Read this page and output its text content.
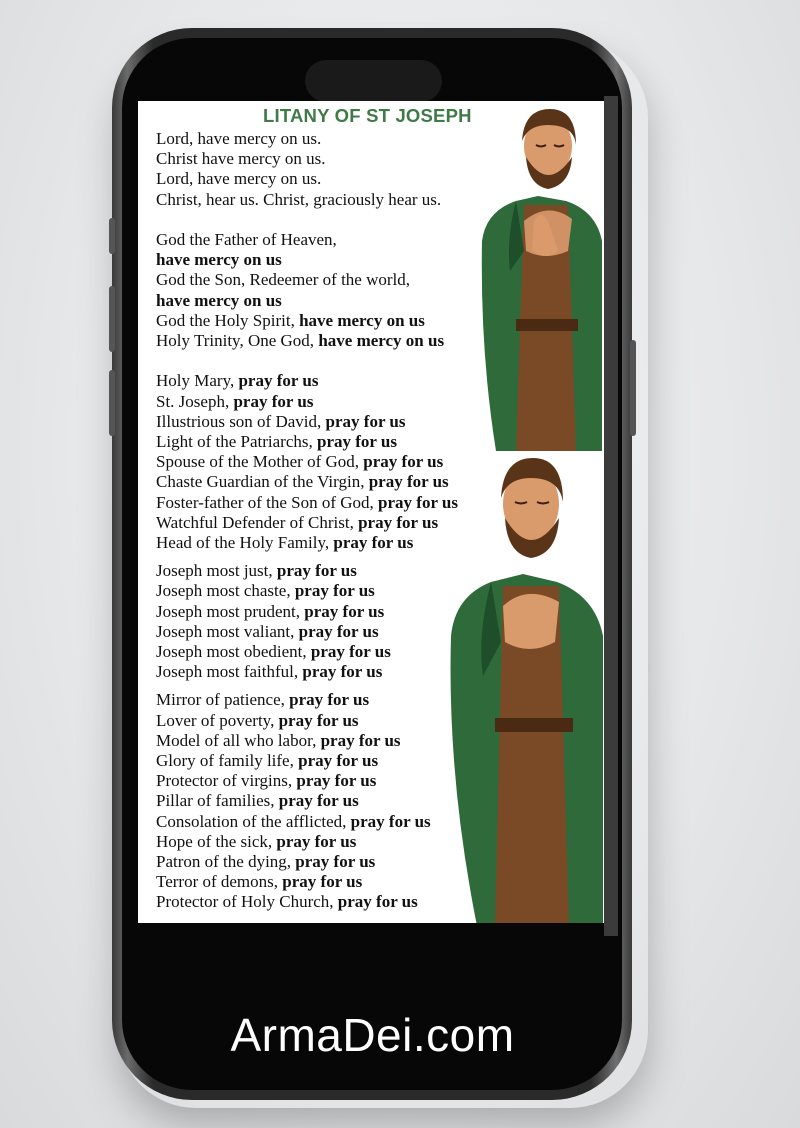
LITANY OF ST JOSEPH
Lord, have mercy on us.
Christ have mercy on us.
Lord, have mercy on us.
Christ, hear us. Christ, graciously hear us.
God the Father of Heaven,
have mercy on us
God the Son, Redeemer of the world,
have mercy on us
God the Holy Spirit, have mercy on us
Holy Trinity, One God, have mercy on us
Holy Mary, pray for us
St. Joseph, pray for us
Illustrious son of David, pray for us
Light of the Patriarchs, pray for us
Spouse of the Mother of God, pray for us
Chaste Guardian of the Virgin, pray for us
Foster-father of the Son of God, pray for us
Watchful Defender of Christ, pray for us
Head of the Holy Family, pray for us
Joseph most just, pray for us
Joseph most chaste, pray for us
Joseph most prudent, pray for us
Joseph most valiant, pray for us
Joseph most obedient, pray for us
Joseph most faithful, pray for us
Mirror of patience, pray for us
Lover of poverty, pray for us
Model of all who labor, pray for us
Glory of family life, pray for us
Protector of virgins, pray for us
Pillar of families, pray for us
Consolation of the afflicted, pray for us
Hope of the sick, pray for us
Patron of the dying, pray for us
Terror of demons, pray for us
Protector of Holy Church, pray for us

ArmaDei.com
